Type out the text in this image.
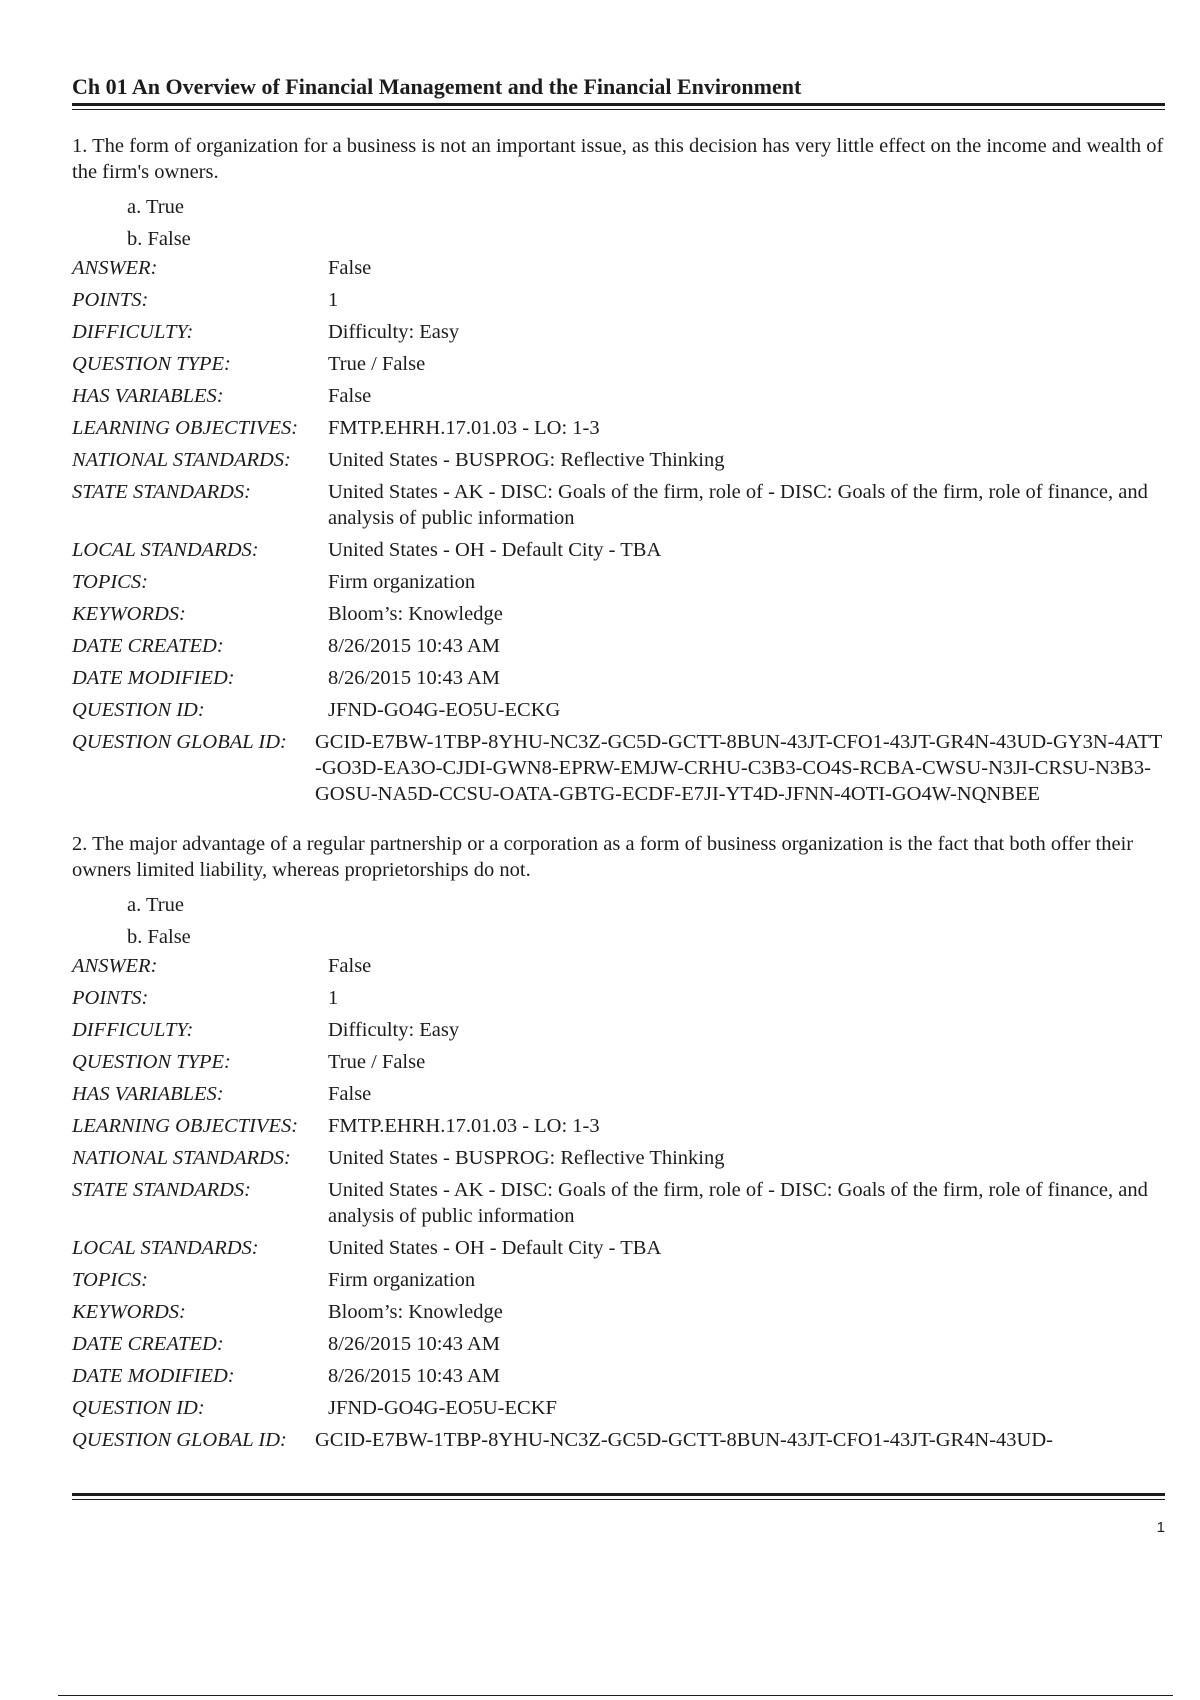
Ch 01 An Overview of Financial Management and the Financial Environment
1. The form of organization for a business is not an important issue, as this decision has very little effect on the income and wealth of the firm's owners.
a. True
b. False
ANSWER:	False
POINTS:	1
DIFFICULTY:	Difficulty: Easy
QUESTION TYPE:	True / False
HAS VARIABLES:	False
LEARNING OBJECTIVES:	FMTP.EHRH.17.01.03 - LO: 1-3
NATIONAL STANDARDS:	United States - BUSPROG: Reflective Thinking
STATE STANDARDS:	United States - AK - DISC: Goals of the firm, role of - DISC: Goals of the firm, role of finance, and analysis of public information
LOCAL STANDARDS:	United States - OH - Default City - TBA
TOPICS:	Firm organization
KEYWORDS:	Bloom’s: Knowledge
DATE CREATED:	8/26/2015 10:43 AM
DATE MODIFIED:	8/26/2015 10:43 AM
QUESTION ID:	JFND-GO4G-EO5U-ECKG
QUESTION GLOBAL ID:	GCID-E7BW-1TBP-8YHU-NC3Z-GC5D-GCTT-8BUN-43JT-CFO1-43JT-GR4N-43UD-GY3N-4ATT-GO3D-EA3O-CJDI-GWN8-EPRW-EMJW-CRHU-C3B3-CO4S-RCBA-CWSU-N3JI-CRSU-N3B3-GOSU-NA5D-CCSU-OATA-GBTG-ECDF-E7JI-YT4D-JFNN-4OTI-GO4W-NQNBEE
2. The major advantage of a regular partnership or a corporation as a form of business organization is the fact that both offer their owners limited liability, whereas proprietorships do not.
a. True
b. False
ANSWER:	False
POINTS:	1
DIFFICULTY:	Difficulty: Easy
QUESTION TYPE:	True / False
HAS VARIABLES:	False
LEARNING OBJECTIVES:	FMTP.EHRH.17.01.03 - LO: 1-3
NATIONAL STANDARDS:	United States - BUSPROG: Reflective Thinking
STATE STANDARDS:	United States - AK - DISC: Goals of the firm, role of - DISC: Goals of the firm, role of finance, and analysis of public information
LOCAL STANDARDS:	United States - OH - Default City - TBA
TOPICS:	Firm organization
KEYWORDS:	Bloom’s: Knowledge
DATE CREATED:	8/26/2015 10:43 AM
DATE MODIFIED:	8/26/2015 10:43 AM
QUESTION ID:	JFND-GO4G-EO5U-ECKF
QUESTION GLOBAL ID:	GCID-E7BW-1TBP-8YHU-NC3Z-GC5D-GCTT-8BUN-43JT-CFO1-43JT-GR4N-43UD-
1
